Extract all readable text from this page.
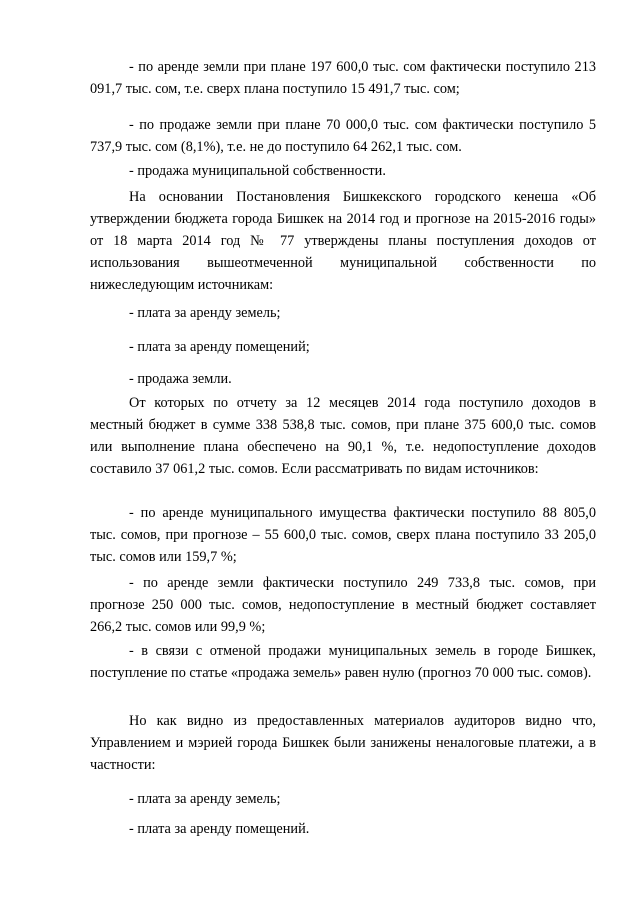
- по аренде земли при плане 197 600,0 тыс. сом фактически поступило 213 091,7 тыс. сом, т.е. сверх плана поступило 15 491,7 тыс. сом;

- по продаже земли при плане 70 000,0 тыс. сом фактически поступило 5 737,9 тыс. сом (8,1%), т.е. не до поступило 64 262,1 тыс. сом.

- продажа муниципальной собственности.

На основании Постановления Бишкекского городского кенеша «Об утверждении бюджета города Бишкек на 2014 год и прогнозе на 2015-2016 годы» от 18 марта 2014 год № 77 утверждены планы поступления доходов от использования вышеотмеченной муниципальной собственности по нижеследующим источникам:

- плата за аренду земель;

- плата за аренду помещений;

- продажа земли.

От которых по отчету за 12 месяцев 2014 года поступило доходов в местный бюджет в сумме 338 538,8 тыс. сомов, при плане 375 600,0 тыс. сомов или выполнение плана обеспечено на 90,1 %, т.е. недопоступление доходов составило 37 061,2 тыс. сомов. Если рассматривать по видам источников:

- по аренде муниципального имущества фактически поступило 88 805,0 тыс. сомов, при прогнозе – 55 600,0 тыс. сомов, сверх плана поступило 33 205,0 тыс. сомов или 159,7 %;

- по аренде земли фактически поступило 249 733,8 тыс. сомов, при прогнозе 250 000 тыс. сомов, недопоступление в местный бюджет составляет 266,2 тыс. сомов или 99,9 %;

- в связи с отменой продажи муниципальных земель в городе Бишкек, поступление по статье «продажа земель» равен нулю (прогноз 70 000 тыс. сомов).

Но как видно из предоставленных материалов аудиторов видно что, Управлением и мэрией города Бишкек были занижены неналоговые платежи, а в частности:

- плата за аренду земель;

- плата за аренду помещений.
